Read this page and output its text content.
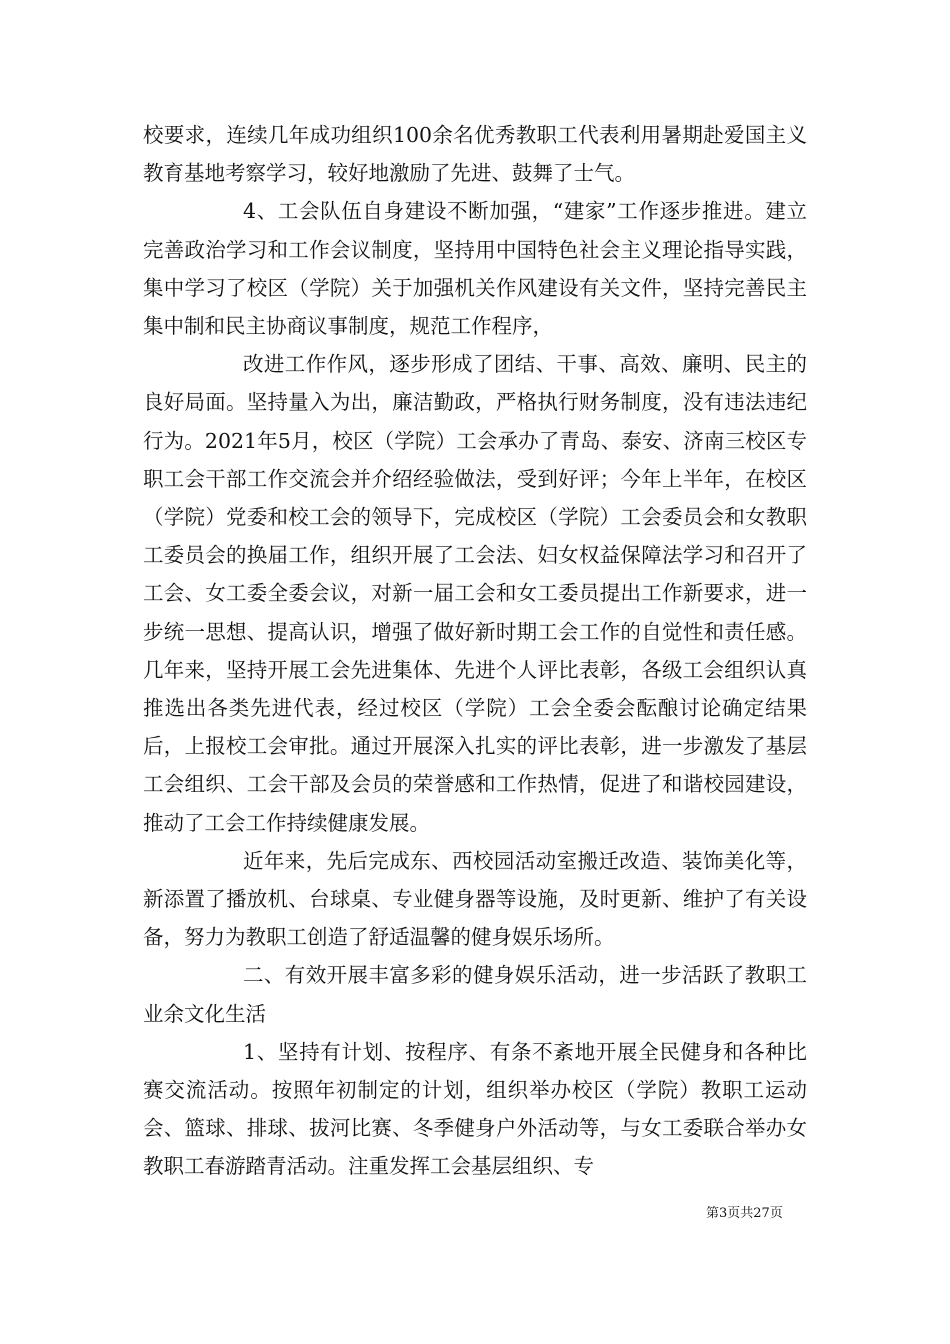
校要求，连续几年成功组织100余名优秀教职工代表利用暑期赴爱国主义教育基地考察学习，较好地激励了先进、鼓舞了士气。

4、工会队伍自身建设不断加强，“建家”工作逐步推进。建立完善政治学习和工作会议制度，坚持用中国特色社会主义理论指导实践，集中学习了校区（学院）关于加强机关作风建设有关文件，坚持完善民主集中制和民主协商议事制度，规范工作程序，

改进工作作风，逐步形成了团结、干事、高效、廉明、民主的良好局面。坚持量入为出，廉洁勤政，严格执行财务制度，没有违法违纪行为。2021年5月，校区（学院）工会承办了青岛、泰安、济南三校区专职工会干部工作交流会并介绍经验做法，受到好评；今年上半年，在校区（学院）党委和校工会的领导下，完成校区（学院）工会委员会和女教职工委员会的换届工作，组织开展了工会法、妇女权益保障法学习和召开了工会、女工委全委会议，对新一届工会和女工委员提出工作新要求，进一步统一思想、提高认识，增强了做好新时期工会工作的自觉性和责任感。几年来，坚持开展工会先进集体、先进个人评比表彰，各级工会组织认真推选出各类先进代表，经过校区（学院）工会全委会酝酿讨论确定结果后，上报校工会审批。通过开展深入扎实的评比表彰，进一步激发了基层工会组织、工会干部及会员的荣誉感和工作热情，促进了和谐校园建设，推动了工会工作持续健康发展。

近年来，先后完成东、西校园活动室搬迁改造、装饰美化等，新添置了播放机、台球桌、专业健身器等设施，及时更新、维护了有关设备，努力为教职工创造了舒适温馨的健身娱乐场所。

二、有效开展丰富多彩的健身娱乐活动，进一步活跃了教职工业余文化生活

1、坚持有计划、按程序、有条不紊地开展全民健身和各种比赛交流活动。按照年初制定的计划，组织举办校区（学院）教职工运动会、篮球、排球、拔河比赛、冬季健身户外活动等，与女工委联合举办女教职工春游踏青活动。注重发挥工会基层组织、专

第3页共27页
